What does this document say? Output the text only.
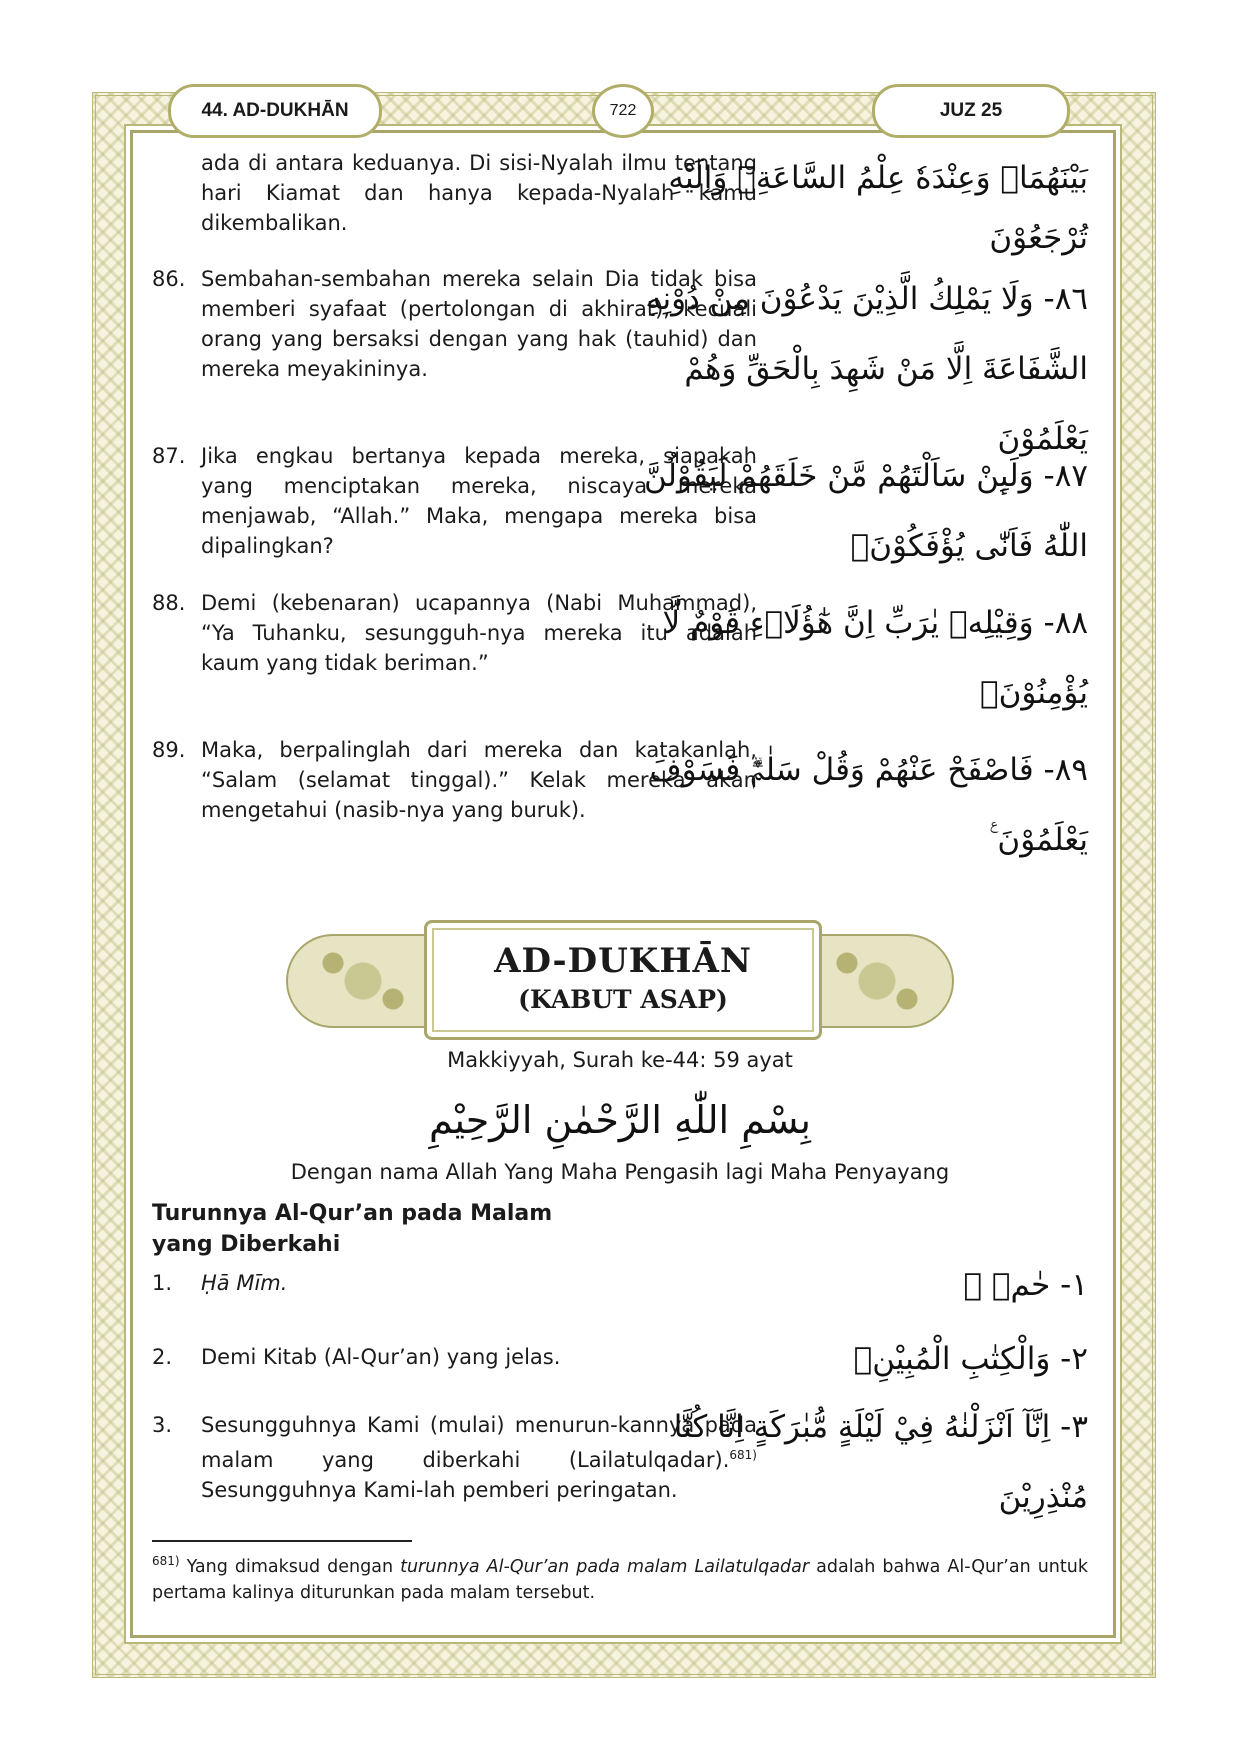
44. AD-DUKHĀN	722	JUZ 25
ada di antara keduanya. Di sisi-Nyalah ilmu tentang hari Kiamat dan hanya kepada-Nyalah kamu dikembalikan.
بَيْنَهُمَاۚ وَعِنْدَهٗ عِلْمُ السَّاعَةِۚ وَاِلَيْهِ تُرْجَعُوْنَ
86. Sembahan-sembahan mereka selain Dia tidak bisa memberi syafaat (pertolongan di akhirat), kecuali orang yang bersaksi dengan yang hak (tauhid) dan mereka meyakininya.
٨٦- وَلَا يَمْلِكُ الَّذِيْنَ يَدْعُوْنَ مِنْ دُوْنِهِ الشَّفَاعَةَ اِلَّا مَنْ شَهِدَ بِالْحَقِّ وَهُمْ يَعْلَمُوْنَ
87. Jika engkau bertanya kepada mereka, siapakah yang menciptakan mereka, niscaya mereka menjawab, “Allah.” Maka, mengapa mereka bisa dipalingkan?
٨٧- وَلَىِٕنْ سَاَلْتَهُمْ مَّنْ خَلَقَهُمْ لَيَقُوْلُنَّ اللّٰهُ فَاَنّٰى يُؤْفَكُوْنَۙ
88. Demi (kebenaran) ucapannya (Nabi Muhammad), “Ya Tuhanku, sesungguh-nya mereka itu adalah kaum yang tidak beriman.”
٨٨- وَقِيْلِهٖ يٰرَبِّ اِنَّ هٰٓؤُلَاۤءِ قَوْمٌ لَّا يُؤْمِنُوْنَۘ
89. Maka, berpalinglah dari mereka dan katakanlah, “Salam (selamat tinggal).” Kelak mereka akan mengetahui (nasib-nya yang buruk).
٨٩- فَاصْفَحْ عَنْهُمْ وَقُلْ سَلٰمٌۗ فَسَوْفَ يَعْلَمُوْنَ ࣖ
AD-DUKHĀN
(KABUT ASAP)
Makkiyyah, Surah ke-44: 59 ayat
بِسْمِ اللّٰهِ الرَّحْمٰنِ الرَّحِيْمِ
Dengan nama Allah Yang Maha Pengasih lagi Maha Penyayang
Turunnya Al-Qur’an pada Malam yang Diberkahi
1. Ḥā Mīm.	١- حٰمۤ ۚ
2. Demi Kitab (Al-Qur’an) yang jelas.	٢- وَالْكِتٰبِ الْمُبِيْنِۙ
3. Sesungguhnya Kami (mulai) menurun-kannya pada malam yang diberkahi (Lailatulqadar).$^{681)}$ Sesungguhnya Kami-lah pemberi peringatan.
٣- اِنَّآ اَنْزَلْنٰهُ فِيْ لَيْلَةٍ مُّبٰرَكَةٍ اِنَّا كُنَّا مُنْذِرِيْنَ
$^{681)}$ Yang dimaksud dengan turunnya Al-Qur’an pada malam Lailatulqadar adalah bahwa Al-Qur’an untuk pertama kalinya diturunkan pada malam tersebut.
